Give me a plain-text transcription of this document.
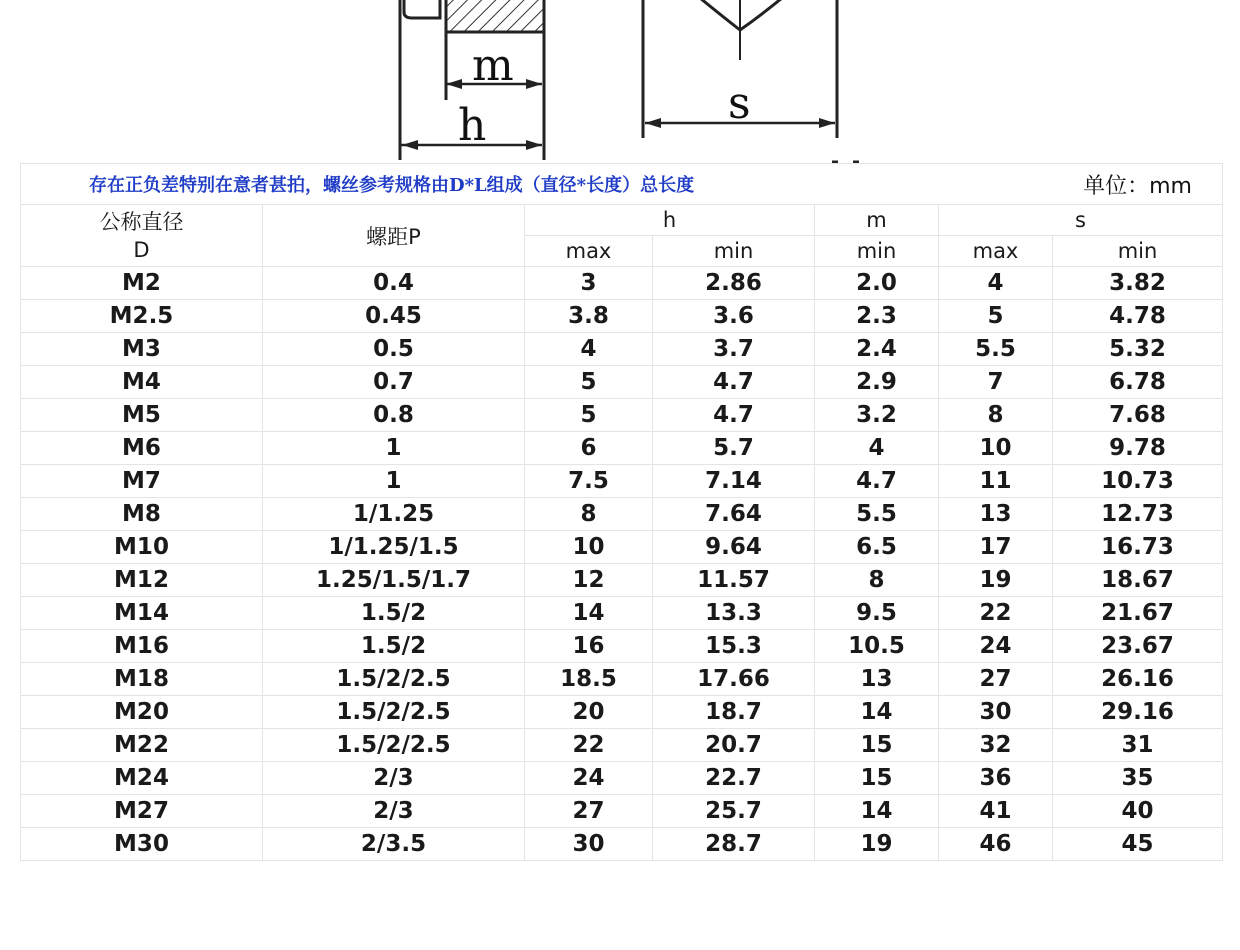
m
h	s
存在正负差特别在意者甚拍，螺丝参考规格由D*L组成（直径*长度）总长度						单位：mm

公称直径
D	螺距P	h		m	s	
		max	min	min	max	min
M2	0.4	3	2.86	2.0	4	3.82
M2.5	0.45	3.8	3.6	2.3	5	4.78
M3	0.5	4	3.7	2.4	5.5	5.32
M4	0.7	5	4.7	2.9	7	6.78
M5	0.8	5	4.7	3.2	8	7.68
M6	1	6	5.7	4	10	9.78
M7	1	7.5	7.14	4.7	11	10.73
M8	1/1.25	8	7.64	5.5	13	12.73
M10	1/1.25/1.5	10	9.64	6.5	17	16.73
M12	1.25/1.5/1.7	12	11.57	8	19	18.67
M14	1.5/2	14	13.3	9.5	22	21.67
M16	1.5/2	16	15.3	10.5	24	23.67
M18	1.5/2/2.5	18.5	17.66	13	27	26.16
M20	1.5/2/2.5	20	18.7	14	30	29.16
M22	1.5/2/2.5	22	20.7	15	32	31
M24	2/3	24	22.7	15	36	35
M27	2/3	27	25.7	14	41	40
M30	2/3.5	30	28.7	19	46	45
